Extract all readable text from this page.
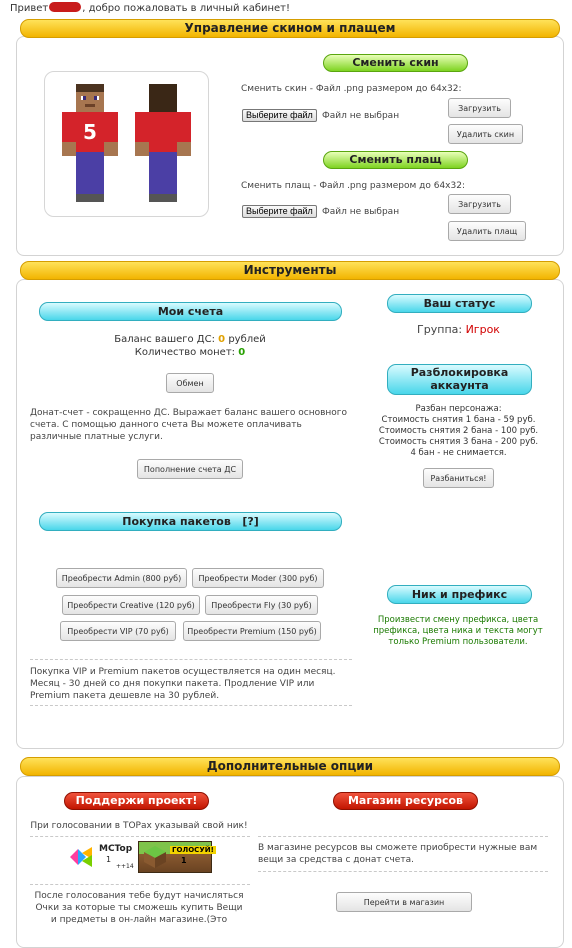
Привет	, добро пожаловать в личный кабинет!
Управление скином и плащем
5
Сменить скин
Сменить скин - Файл .png размером до 64x32:
Выберите файл	Файл не выбран
Загрузить
Удалить скин
Сменить плащ
Сменить плащ - Файл .png размером до 64x32:
Выберите файл	Файл не выбран
Загрузить
Удалить плащ
Инструменты
Мои счета
Баланс вашего ДС: 0 рублей
Количество монет: 0
Обмен
Донат-счет - сокращенно ДС. Выражает баланс вашего основного счета. С помощью данного счета Вы можете оплачивать различные платные услуги.
Пополнение счета ДС
Ваш статус
Группа: Игрок
Разблокировка
аккаунта
Разбан персонажа:
Стоимость снятия 1 бана - 59 руб.
Стоимость снятия 2 бана - 100 руб.
Стоимость снятия 3 бана - 200 руб.
4 бан - не снимается.
Разбаниться!
Покупка пакетов [?]
Преобрести Admin (800 руб)	Преобрести Moder (300 руб)
Преобрести Creative (120 руб)	Преобрести Fly (30 руб)
Преобрести VIP (70 руб)	Преобрести Premium (150 руб)
Покупка VIP и Premium пакетов осуществляется на один месяц. Месяц - 30 дней со дня покупки пакета. Продление VIP или Premium пакета дешевле на 30 рублей.
Ник и префикс
Произвести смену префикса, цвета префикса, цвета ника и текста могут только Premium пользователи.
Дополнительные опции
Поддержи проект!
При голосовании в TOPах указывай свой ник!
MCTop
1
++14
ГОЛОСУЙ!
1
После голосования тебе будут начисляться Очки за которые ты сможешь купить Вещи и предметы в он-лайн магазине.(Это
Магазин ресурсов
В магазине ресурсов вы сможете приобрести нужные вам вещи за средства с донат счета.
Перейти в магазин
